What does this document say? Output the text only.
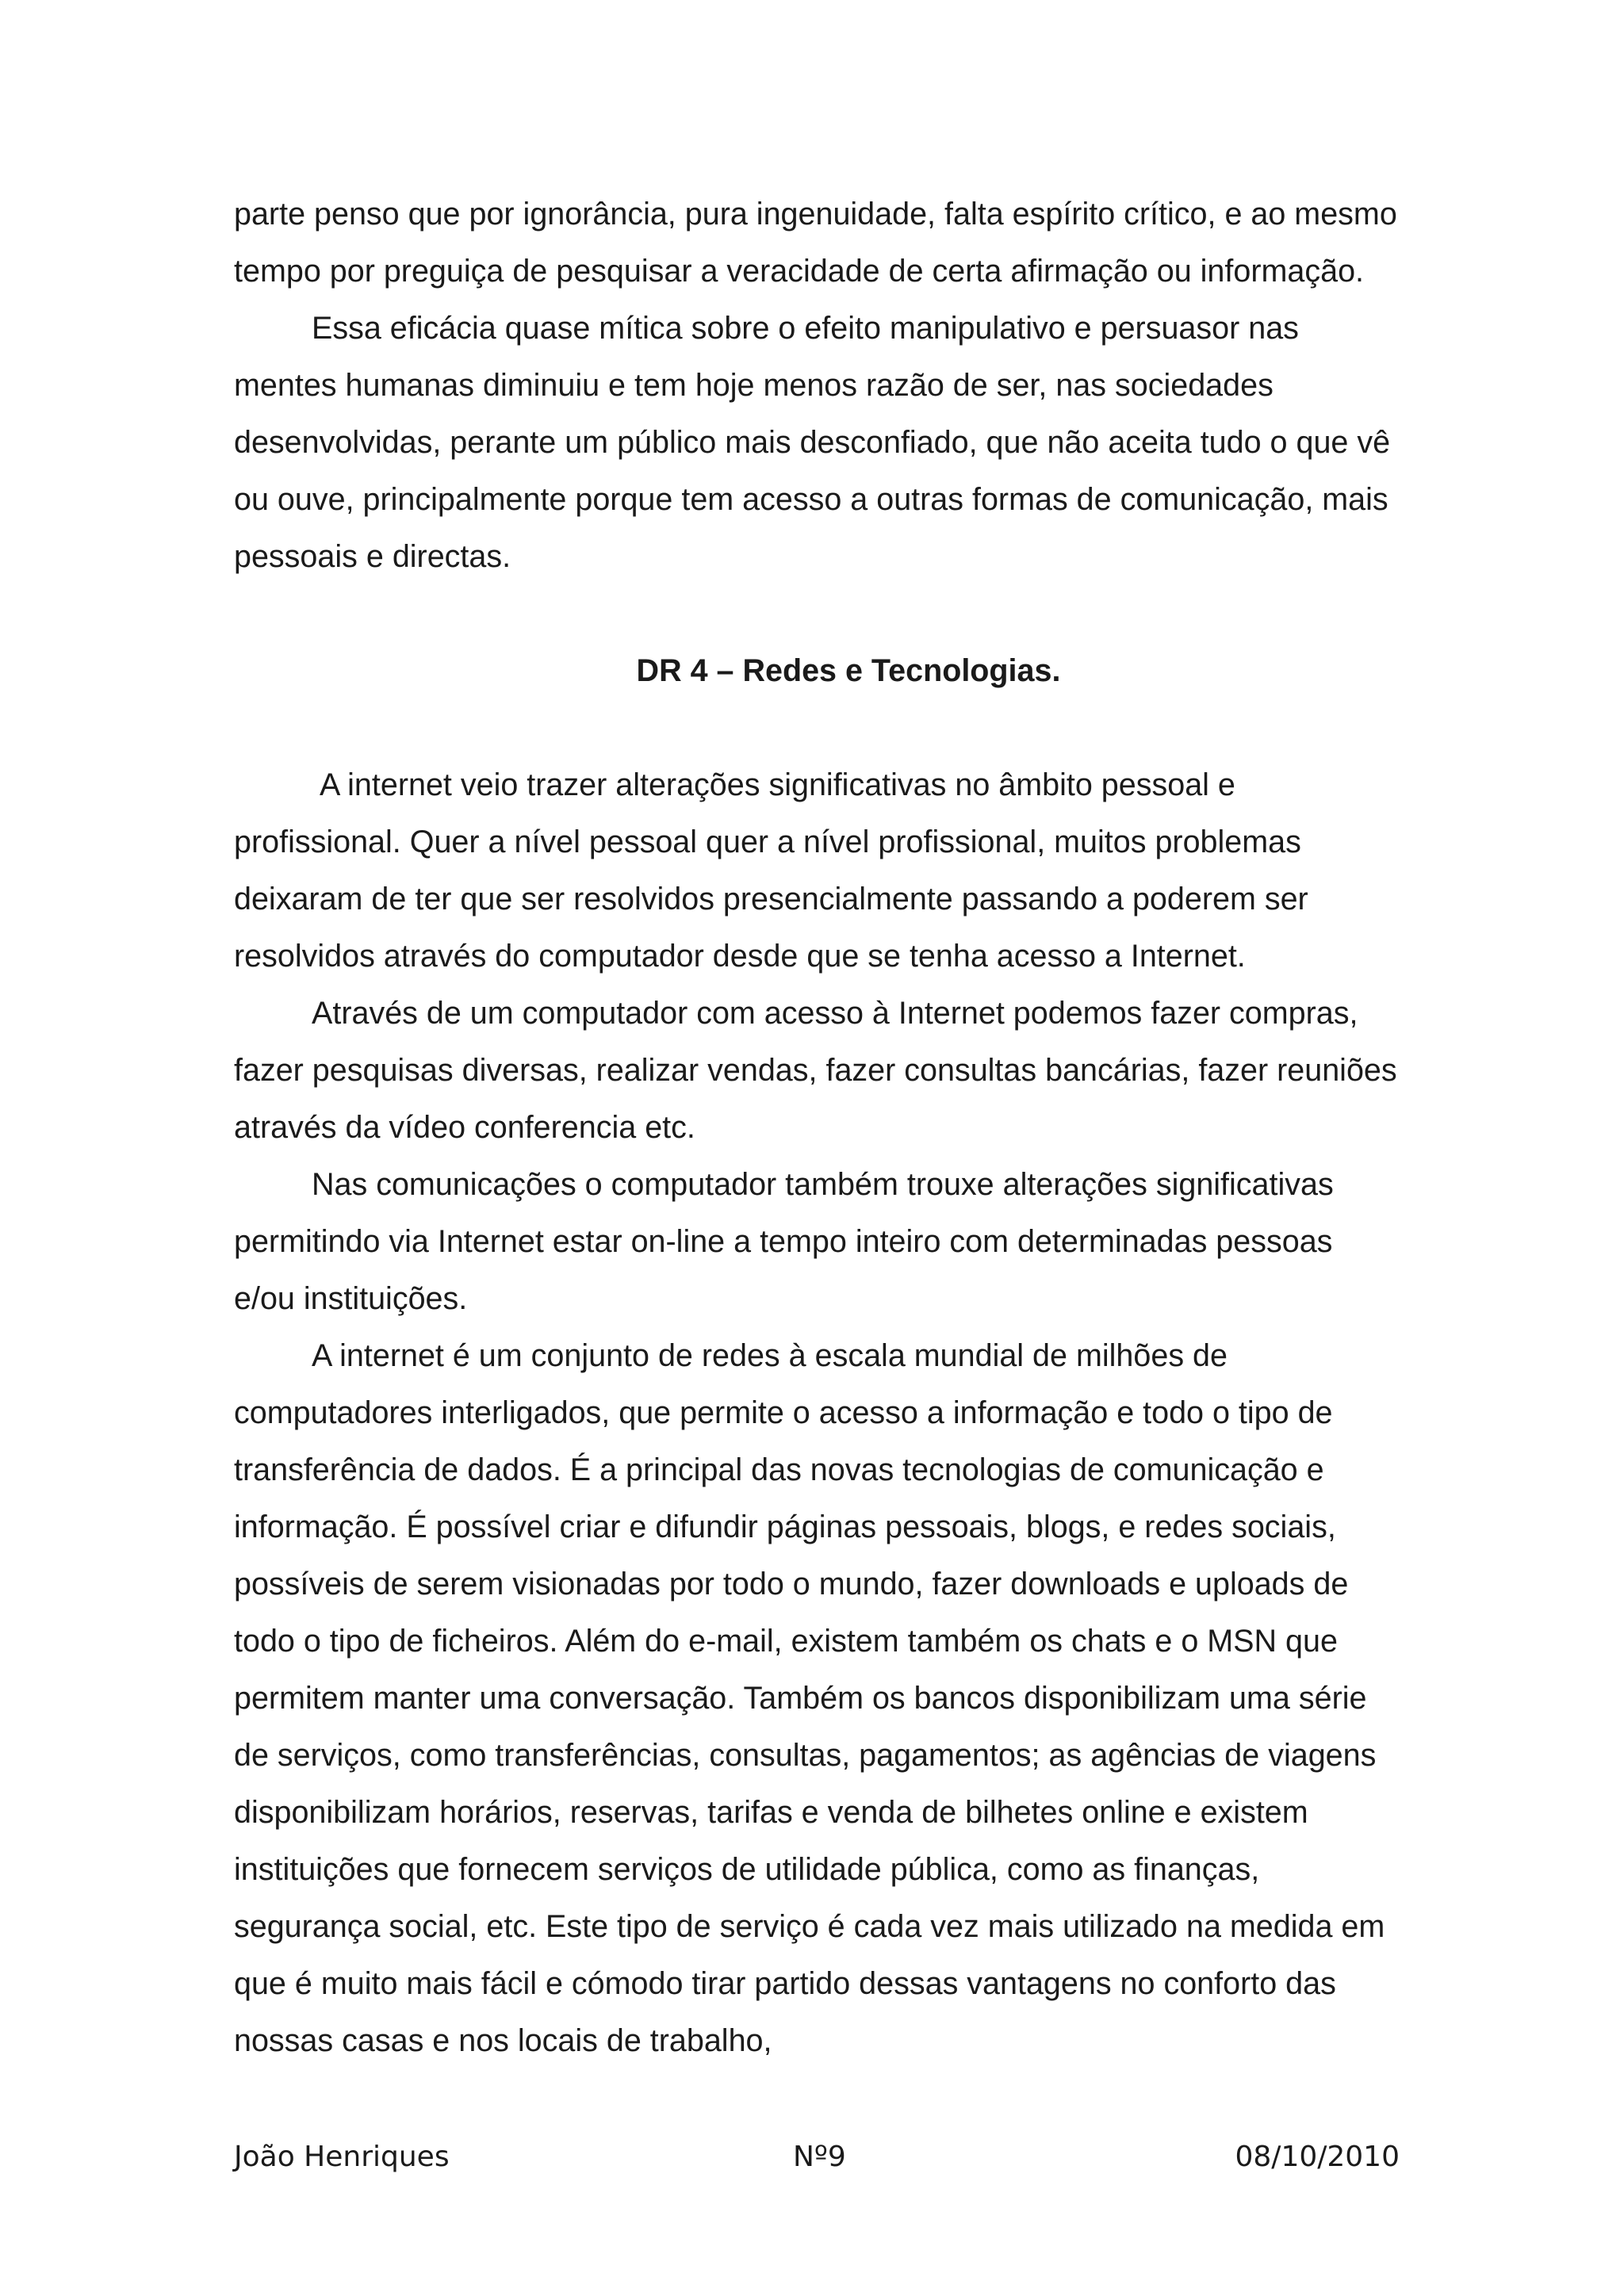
parte penso que por ignorância, pura ingenuidade, falta espírito crítico, e ao mesmo tempo por preguiça de pesquisar a veracidade de certa afirmação ou informação.

Essa eficácia quase mítica sobre o efeito manipulativo e persuasor nas mentes humanas diminuiu e tem hoje menos razão de ser, nas sociedades desenvolvidas, perante um público mais desconfiado, que não aceita tudo o que vê ou ouve, principalmente porque tem acesso a outras formas de comunicação, mais pessoais e directas.

DR 4 – Redes e Tecnologias.

A internet veio trazer alterações significativas no âmbito pessoal e profissional. Quer a nível pessoal quer a nível profissional, muitos problemas deixaram de ter que ser resolvidos presencialmente passando a poderem ser resolvidos através do computador desde que se tenha acesso a Internet.

Através de um computador com acesso à Internet podemos fazer compras, fazer pesquisas diversas, realizar vendas, fazer consultas bancárias, fazer reuniões através da vídeo conferencia etc.

Nas comunicações o computador também trouxe alterações significativas permitindo via Internet estar on-line a tempo inteiro com determinadas pessoas e/ou instituições.

A internet é um conjunto de redes à escala mundial de milhões de computadores interligados, que permite o acesso a informação e todo o tipo de transferência de dados. É a principal das novas tecnologias de comunicação e informação. É possível criar e difundir páginas pessoais, blogs, e redes sociais, possíveis de serem visionadas por todo o mundo, fazer downloads e uploads de todo o tipo de ficheiros. Além do e-mail, existem também os chats e o MSN que permitem manter uma conversação. Também os bancos disponibilizam uma série de serviços, como transferências, consultas, pagamentos; as agências de viagens disponibilizam horários, reservas, tarifas e venda de bilhetes online e existem instituições que fornecem serviços de utilidade pública, como as finanças, segurança social, etc. Este tipo de serviço é cada vez mais utilizado na medida em que é muito mais fácil e cómodo tirar partido dessas vantagens no conforto das nossas casas e nos locais de trabalho,

João Henriques	Nº9	08/10/2010
